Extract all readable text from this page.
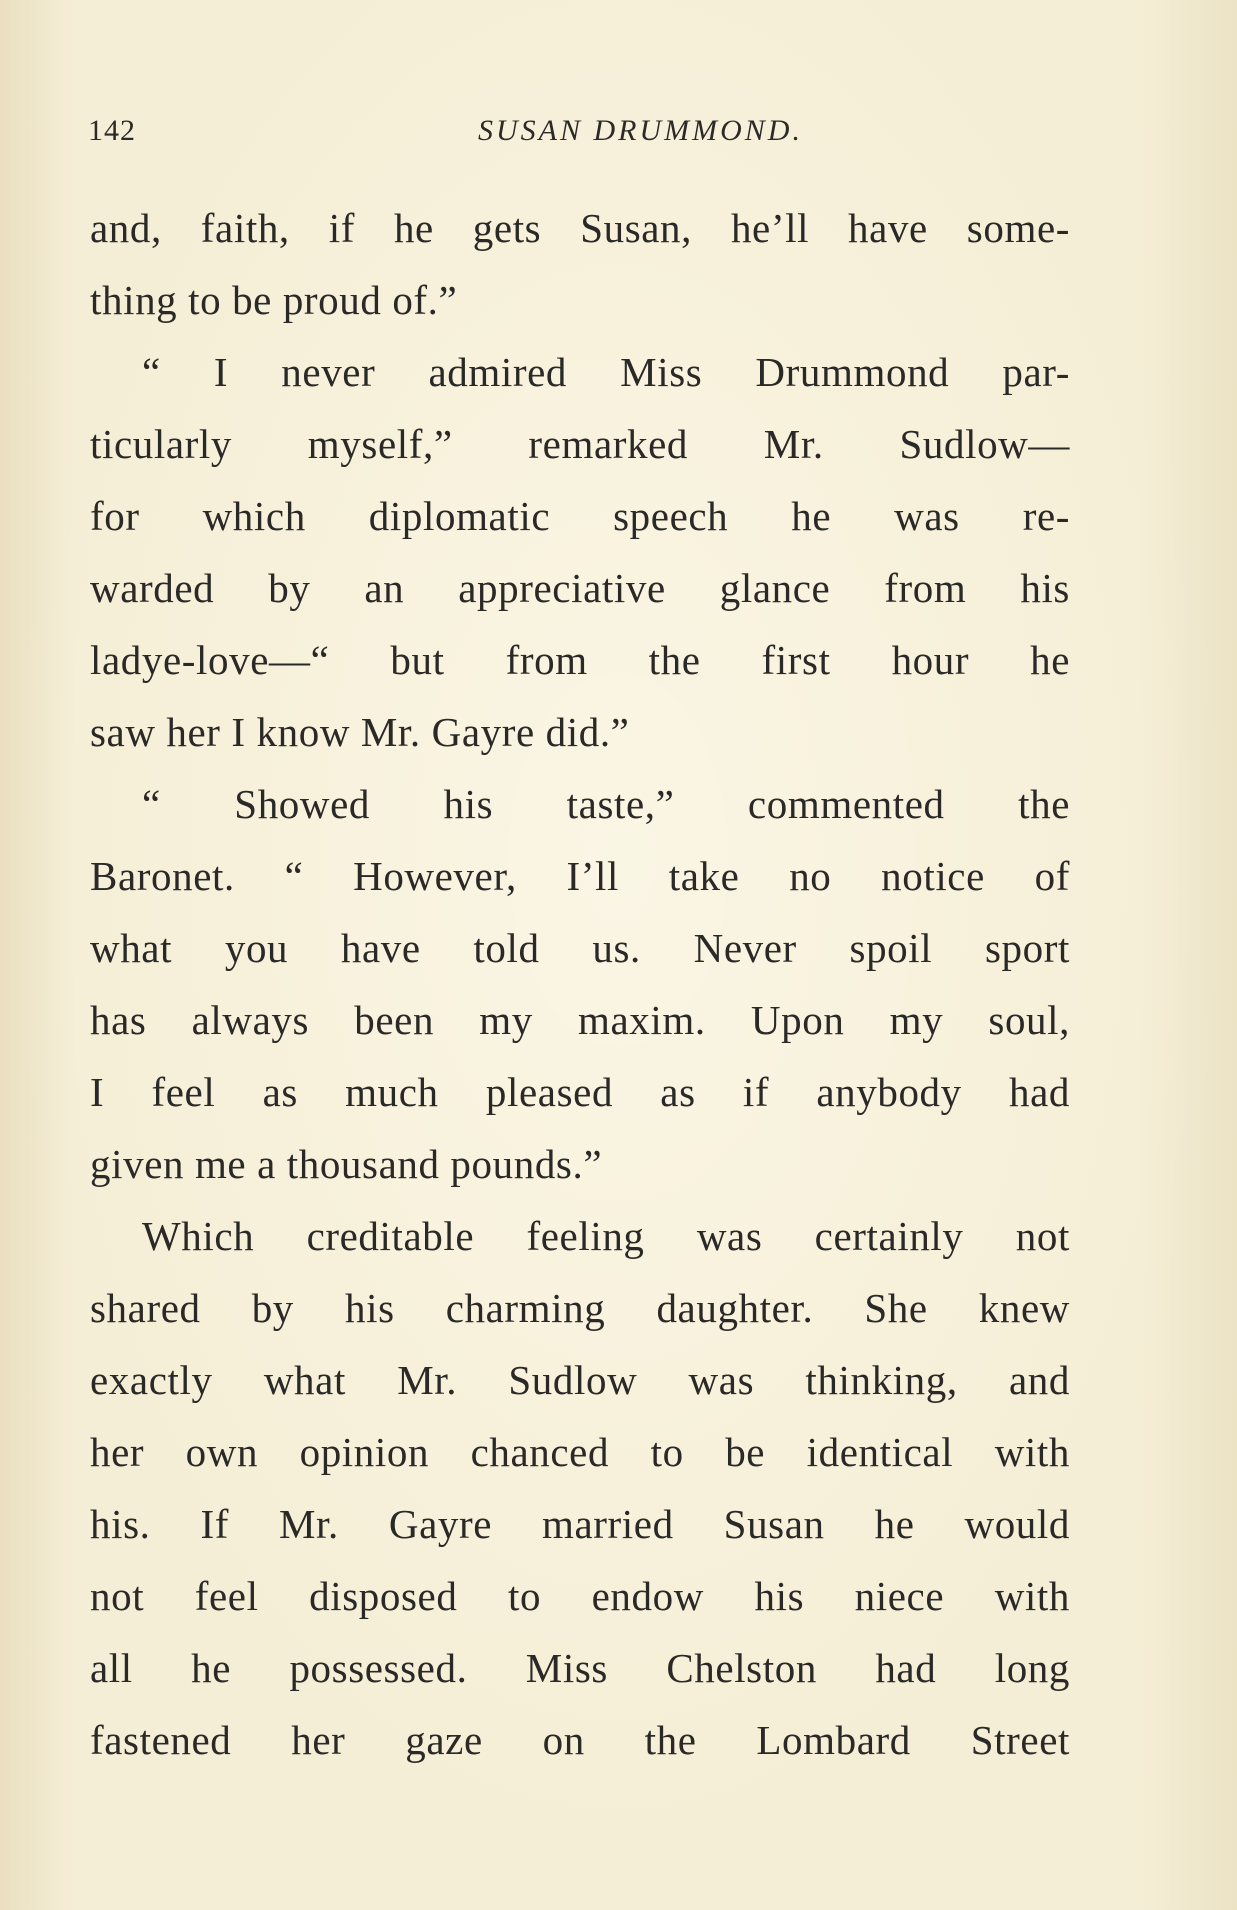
142	SUSAN DRUMMOND.
and, faith, if he gets Susan, he’ll have some-
thing to be proud of.”
“ I never admired Miss Drummond par-
ticularly myself,” remarked Mr. Sudlow—
for which diplomatic speech he was re-
warded by an appreciative glance from his
ladye-love—“ but from the first hour he
saw her I know Mr. Gayre did.”
“ Showed his taste,” commented the
Baronet. “ However, I’ll take no notice of
what you have told us. Never spoil sport
has always been my maxim. Upon my soul,
I feel as much pleased as if anybody had
given me a thousand pounds.”
Which creditable feeling was certainly not
shared by his charming daughter. She knew
exactly what Mr. Sudlow was thinking, and
her own opinion chanced to be identical with
his. If Mr. Gayre married Susan he would
not feel disposed to endow his niece with
all he possessed. Miss Chelston had long
fastened her gaze on the Lombard Street
